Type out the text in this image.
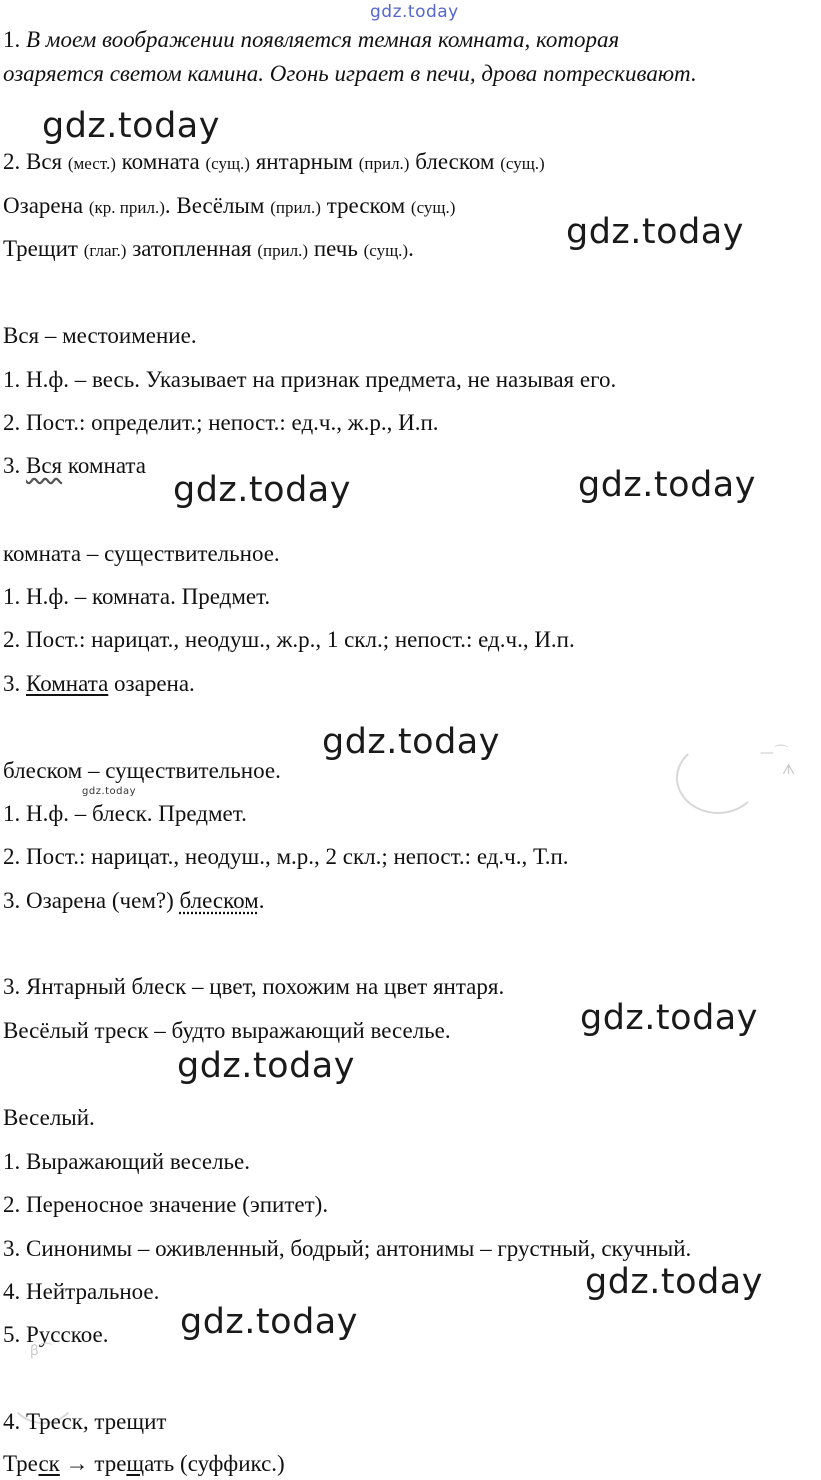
gdz.today
1. В моем воображении появляется темная комната, которая
озаряется светом камина. Огонь играет в печи, дрова потрескивают.
gdz.today
2. Вся (мест.) комната (сущ.) янтарным (прил.) блеском (сущ.)
Озарена (кр. прил.). Весёлым (прил.) треском (сущ.)
Трещит (глаг.) затопленная (прил.) печь (сущ.).	gdz.today
Вся – местоимение.
1. Н.ф. – весь. Указывает на признак предмета, не называя его.
2. Пост.: определит.; непост.: ед.ч., ж.р., И.п.
3. Вся комната
gdz.today	gdz.today
комната – существительное.
1. Н.ф. – комната. Предмет.
2. Пост.: нарицат., неодуш., ж.р., 1 скл.; непост.: ед.ч., И.п.
3. Комната озарена.
gdz.today	—⌒
ᗑ
блеском – существительное.
gdz.today
1. Н.ф. – блеск. Предмет.
2. Пост.: нарицат., неодуш., м.р., 2 скл.; непост.: ед.ч., Т.п.
3. Озарена (чем?) блеском.
3. Янтарный блеск – цвет, похожим на цвет янтаря.
Весёлый треск – будто выражающий веселье.	gdz.today
gdz.today
Веселый.
1. Выражающий веселье.
2. Переносное значение (эпитет).
3. Синонимы – оживленный, бодрый; антонимы – грустный, скучный.
4. Нейтральное.
5. Русское.
gdz.today
gdz.today
ꞵ⌒
4. Треск, трещит
Треск → трещать (суффикс.)
